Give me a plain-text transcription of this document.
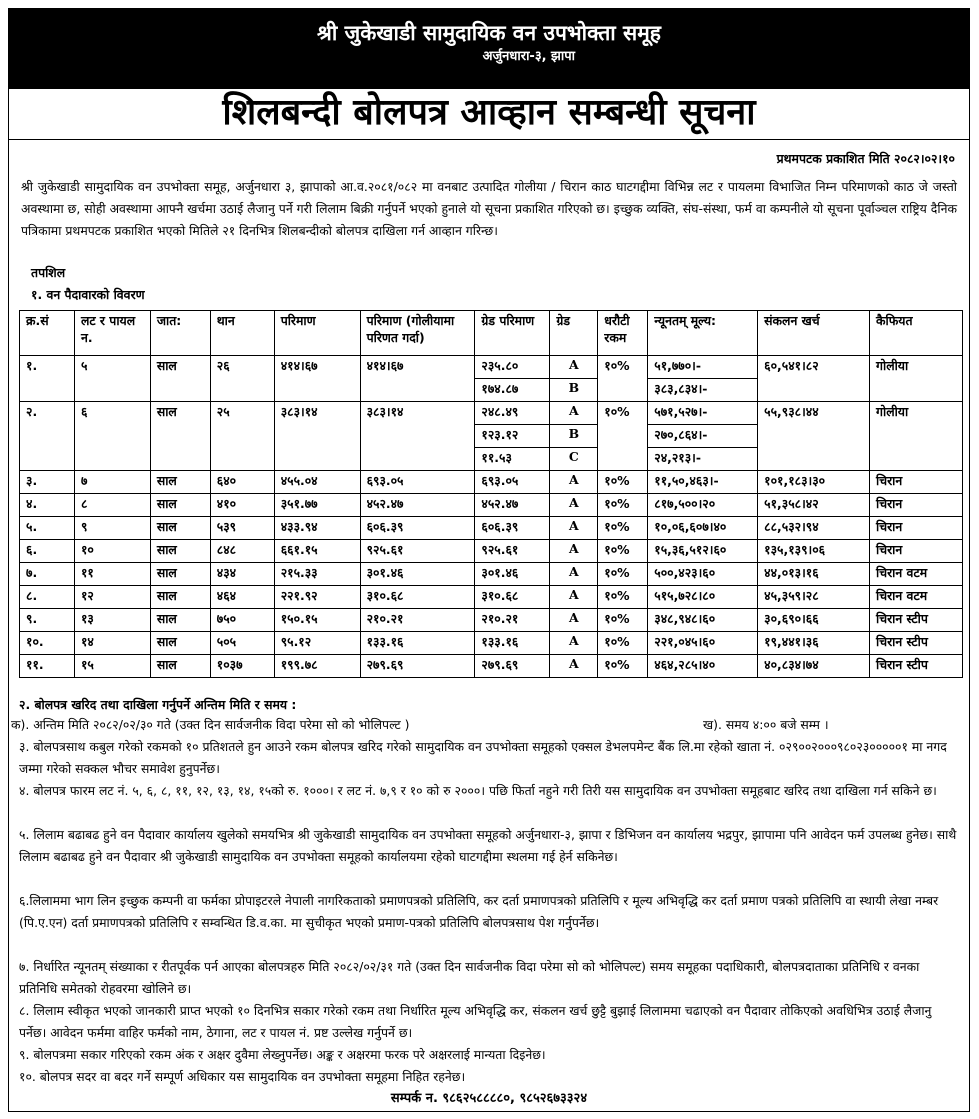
श्री जुकेखाडी सामुदायिक वन उपभोक्ता समूह
अर्जुनधारा-३, झापा
शिलबन्दी बोलपत्र आव्हान सम्बन्धी सूचना
प्रथमपटक प्रकाशित मिति २०८२।०२।१०

श्री जुकेखाडी सामुदायिक वन उपभोक्ता समूह, अर्जुनधारा ३, झापाको आ.व.२०८१/०८२ मा वनबाट उत्पादित गोलीया / चिरान काठ घाटगद्दीमा विभिन्न लट र पायलमा विभाजित निम्न परिमाणको काठ जे जस्तो अवस्थामा छ, सोही अवस्थामा आफ्नै खर्चमा उठाई लैजानु पर्ने गरी लिलाम बिक्री गर्नुपर्ने भएको हुनाले यो सूचना प्रकाशित गरिएको छ। इच्छुक व्यक्ति, संघ-संस्था, फर्म वा कम्पनीले यो सूचना पूर्वाञ्चल राष्ट्रिय दैनिक पत्रिकामा प्रथमपटक प्रकाशित भएको मितिले २१ दिनभित्र शिलबन्दीको बोलपत्र दाखिला गर्न आव्हान गरिन्छ।

तपशिल
१. वन पैदावारको विवरण
क्र.सं	लट र पायल न.	जात:	थान	परिमाण	परिमाण (गोलीयामा परिणत गर्दा)	ग्रेड परिमाण	ग्रेड	धरौटी रकम	न्यूनतम् मूल्य:	संकलन खर्च	कैफियत
१.	५	साल	२६	४१४।६७	४१४।६७	२३५.८०	A	१०%	५१,७७०।-	६०,५४१।८२	गोलीया
						१७४.८७	B		३८३,८३४।-		
२.	६	साल	२५	३८३।१४	३८३।१४	२४८.४९	A	१०%	५७१,५२७।-	५५,९३८।४४	गोलीया
						१२३.१२	B		२७०,८६४।-		
						११.५३	C		२४,२१३।-		
३.	७	साल	६४०	४५५.०४	६९३.०५	६९३.०५	A	१०%	११,५०,४६३।-	१०१,१८३।३०	चिरान
४.	८	साल	४१०	३५१.७७	४५२.४७	४५२.४७	A	१०%	८१७,५००।२०	५१,३५८।४२	चिरान
५.	९	साल	५३९	४३३.९४	६०६.३९	६०६.३९	A	१०%	१०,०६,६०७।४०	८८,५३२।९४	चिरान
६.	१०	साल	८४८	६६१.१५	९२५.६१	९२५.६१	A	१०%	१५,३६,५१२।६०	१३५,१३९।०६	चिरान
७.	११	साल	४३४	२१५.३३	३०१.४६	३०१.४६	A	१०%	५००,४२३।६०	४४,०१३।१६	चिरान वटम
८.	१२	साल	४६४	२२१.९२	३१०.६८	३१०.६८	A	१०%	५१५,७२८।८०	४५,३५९।२८	चिरान वटम
९.	१३	साल	७५०	१५०.१५	२१०.२१	२१०.२१	A	१०%	३४८,९४८।६०	३०,६९०।६६	चिरान स्टीप
१०.	१४	साल	५०५	९५.१२	१३३.१६	१३३.१६	A	१०%	२२१,०४५।६०	१९,४४१।३६	चिरान स्टीप
११.	१५	साल	१०३७	१९९.७८	२७९.६९	२७९.६९	A	१०%	४६४,२८५।४०	४०,८३४।७४	चिरान स्टीप
२. बोलपत्र खरिद तथा दाखिला गर्नुपर्ने अन्तिम मिति र समय :
क). अन्तिम मिति २०८२/०२/३० गते (उक्त दिन सार्वजनीक विदा परेमा सो को भोलिपल्ट )	ख). समय ४:०० बजे सम्म ।

३. बोलपत्रसाथ कबुल गरेको रकमको १० प्रतिशतले हुन आउने रकम बोलपत्र खरिद गरेको सामुदायिक वन उपभोक्ता समूहको एक्सल डेभलपमेन्ट बैंक लि.मा रहेको खाता नं. ०२९००२०००९८०२३०००००१ मा नगद जम्मा गरेको सक्कल भौचर समावेश हुनुपर्नेछ।

४. बोलपत्र फारम लट नं. ५, ६, ८, ११, १२, १३, १४, १५को रु. १०००। र लट नं. ७,९ र १० को रु २०००। पछि फिर्ता नहुने गरी तिरी यस सामुदायिक वन उपभोक्ता समूहबाट खरिद तथा दाखिला गर्न सकिने छ।

५. लिलाम बढाबढ हुने वन पैदावार कार्यालय खुलेको समयभित्र श्री जुकेखाडी सामुदायिक वन उपभोक्ता समूहको अर्जुनधारा-३, झापा र डिभिजन वन कार्यालय भद्रपुर, झापामा पनि आवेदन फर्म उपलब्ध हुनेछ। साथै लिलाम बढाबढ हुने वन पैदावार श्री जुकेखाडी सामुदायिक वन उपभोक्ता समूहको कार्यालयमा रहेको घाटगद्दीमा स्थलमा गई हेर्न सकिनेछ।

६.लिलाममा भाग लिन इच्छुक कम्पनी वा फर्मका प्रोपाइटरले नेपाली नागरिकताको प्रमाणपत्रको प्रतिलिपि, कर दर्ता प्रमाणपत्रको प्रतिलिपि र मूल्य अभिवृद्धि कर दर्ता प्रमाण पत्रको प्रतिलिपि वा स्थायी लेखा नम्बर (पि.ए.एन) दर्ता प्रमाणपत्रको प्रतिलिपि र सम्वन्धित डि.व.का. मा सुचीकृत भएको प्रमाण-पत्रको प्रतिलिपि बोलपत्रसाथ पेश गर्नुपर्नेछ।

७. निर्धारित न्यूनतम् संख्याका र रीतपूर्वक पर्न आएका बोलपत्रहरु मिति २०८२/०२/३१ गते (उक्त दिन सार्वजनीक विदा परेमा सो को भोलिपल्ट) समय समूहका पदाधिकारी, बोलपत्रदाताका प्रतिनिधि र वनका प्रतिनिधि समेतको रोहवरमा खोलिने छ।

८. लिलाम स्वीकृत भएको जानकारी प्राप्त भएको १० दिनभित्र सकार गरेको रकम तथा निर्धारित मूल्य अभिवृद्धि कर, संकलन खर्च छुट्टै बुझाई लिलाममा चढाएको वन पैदावार तोकिएको अवधिभित्र उठाई लैजानु पर्नेछ। आवेदन फर्ममा वाहिर फर्मको नाम, ठेगाना, लट र पायल नं. प्रष्ट उल्लेख गर्नुपर्ने छ।

९. बोलपत्रमा सकार गरिएको रकम अंक र अक्षर दुवैमा लेख्नुपर्नेछ। अङ्क र अक्षरमा फरक परे अक्षरलाई मान्यता दिइनेछ।

१०. बोलपत्र सदर वा बदर गर्ने सम्पूर्ण अधिकार यस सामुदायिक वन उपभोक्ता समूहमा निहित रहनेछ।

सम्पर्क न. ९८६२५८८८८०, ९८५२६७३३२४
